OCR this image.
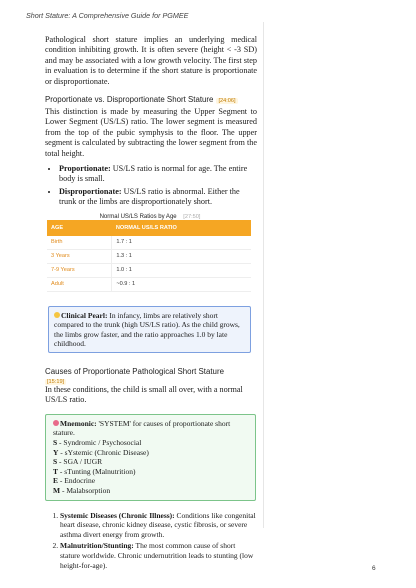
Short Stature: A Comprehensive Guide for PGMEE

Pathological short stature implies an underlying medical condition inhibiting growth. It is often severe (height < -3 SD) and may be associated with a low growth velocity. The first step in evaluation is to determine if the short stature is proportionate or disproportionate.

Proportionate vs. Disproportionate Short Stature [24:06]

This distinction is made by measuring the Upper Segment to Lower Segment (US/LS) ratio. The lower segment is measured from the top of the pubic symphysis to the floor. The upper segment is calculated by subtracting the lower segment from the total height.

• Proportionate: US/LS ratio is normal for age. The entire body is small.
• Disproportionate: US/LS ratio is abnormal. Either the trunk or the limbs are disproportionately short.
Normal US/LS Ratios by Age [27:50]
AGE	NORMAL US/LS RATIO
Birth	1.7 : 1
3 Years	1.3 : 1
7-9 Years	1.0 : 1
Adult	~0.9 : 1
Clinical Pearl: In infancy, limbs are relatively short compared to the trunk (high US/LS ratio). As the child grows, the limbs grow faster, and the ratio approaches 1.0 by late childhood.
Causes of Proportionate Pathological Short Stature
[15:19]

In these conditions, the child is small all over, with a normal US/LS ratio.

Mnemonic: 'SYSTEM' for causes of proportionate short stature.
S - Syndromic / Psychosocial
Y - sYstemic (Chronic Disease)
S - SGA / IUGR
T - sTunting (Malnutrition)
E - Endocrine
M - Malabsorption
1. Systemic Diseases (Chronic Illness): Conditions like congenital heart disease, chronic kidney disease, cystic fibrosis, or severe asthma divert energy from growth.
2. Malnutrition/Stunting: The most common cause of short stature worldwide. Chronic undernutrition leads to stunting (low height-for-age).	6
